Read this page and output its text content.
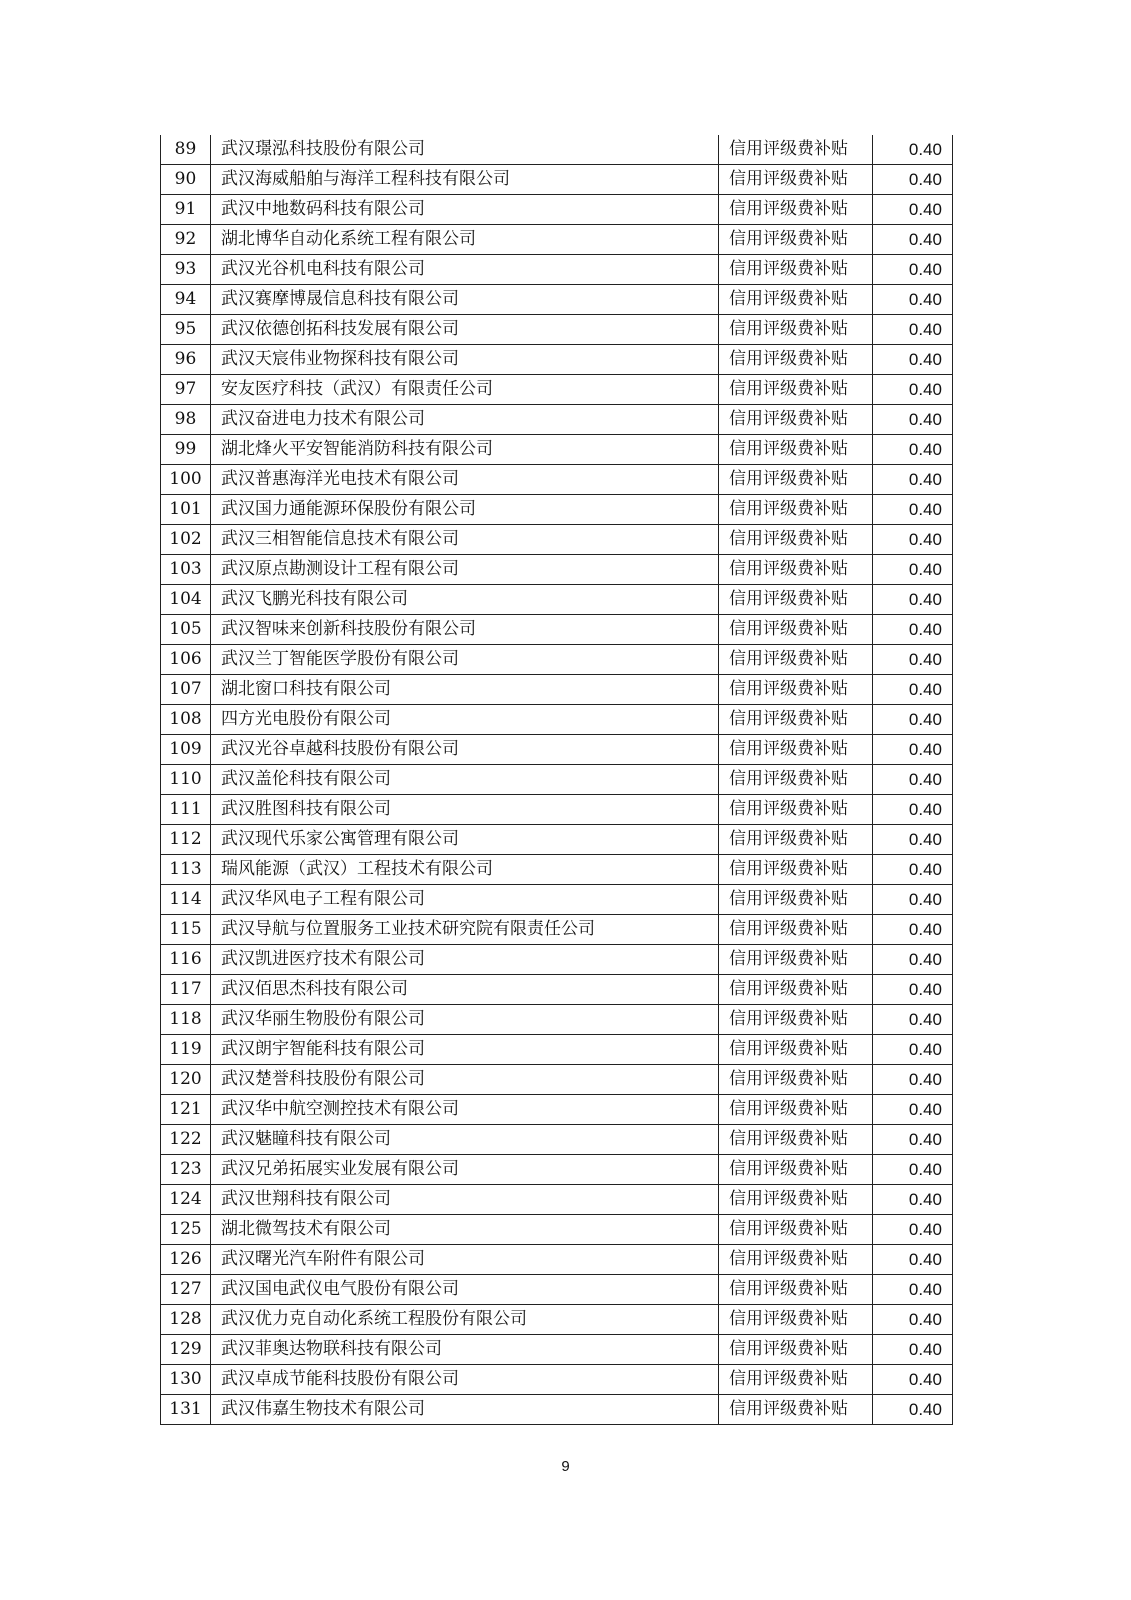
89	武汉璟泓科技股份有限公司	信用评级费补贴	0.40
90	武汉海威船舶与海洋工程科技有限公司	信用评级费补贴	0.40
91	武汉中地数码科技有限公司	信用评级费补贴	0.40
92	湖北博华自动化系统工程有限公司	信用评级费补贴	0.40
93	武汉光谷机电科技有限公司	信用评级费补贴	0.40
94	武汉赛摩博晟信息科技有限公司	信用评级费补贴	0.40
95	武汉依德创拓科技发展有限公司	信用评级费补贴	0.40
96	武汉天宸伟业物探科技有限公司	信用评级费补贴	0.40
97	安友医疗科技（武汉）有限责任公司	信用评级费补贴	0.40
98	武汉奋进电力技术有限公司	信用评级费补贴	0.40
99	湖北烽火平安智能消防科技有限公司	信用评级费补贴	0.40
100	武汉普惠海洋光电技术有限公司	信用评级费补贴	0.40
101	武汉国力通能源环保股份有限公司	信用评级费补贴	0.40
102	武汉三相智能信息技术有限公司	信用评级费补贴	0.40
103	武汉原点勘测设计工程有限公司	信用评级费补贴	0.40
104	武汉飞鹏光科技有限公司	信用评级费补贴	0.40
105	武汉智味来创新科技股份有限公司	信用评级费补贴	0.40
106	武汉兰丁智能医学股份有限公司	信用评级费补贴	0.40
107	湖北窗口科技有限公司	信用评级费补贴	0.40
108	四方光电股份有限公司	信用评级费补贴	0.40
109	武汉光谷卓越科技股份有限公司	信用评级费补贴	0.40
110	武汉盖伦科技有限公司	信用评级费补贴	0.40
111	武汉胜图科技有限公司	信用评级费补贴	0.40
112	武汉现代乐家公寓管理有限公司	信用评级费补贴	0.40
113	瑞风能源（武汉）工程技术有限公司	信用评级费补贴	0.40
114	武汉华风电子工程有限公司	信用评级费补贴	0.40
115	武汉导航与位置服务工业技术研究院有限责任公司	信用评级费补贴	0.40
116	武汉凯进医疗技术有限公司	信用评级费补贴	0.40
117	武汉佰思杰科技有限公司	信用评级费补贴	0.40
118	武汉华丽生物股份有限公司	信用评级费补贴	0.40
119	武汉朗宇智能科技有限公司	信用评级费补贴	0.40
120	武汉楚誉科技股份有限公司	信用评级费补贴	0.40
121	武汉华中航空测控技术有限公司	信用评级费补贴	0.40
122	武汉魅瞳科技有限公司	信用评级费补贴	0.40
123	武汉兄弟拓展实业发展有限公司	信用评级费补贴	0.40
124	武汉世翔科技有限公司	信用评级费补贴	0.40
125	湖北微驾技术有限公司	信用评级费补贴	0.40
126	武汉曙光汽车附件有限公司	信用评级费补贴	0.40
127	武汉国电武仪电气股份有限公司	信用评级费补贴	0.40
128	武汉优力克自动化系统工程股份有限公司	信用评级费补贴	0.40
129	武汉菲奥达物联科技有限公司	信用评级费补贴	0.40
130	武汉卓成节能科技股份有限公司	信用评级费补贴	0.40
131	武汉伟嘉生物技术有限公司	信用评级费补贴	0.40
9
